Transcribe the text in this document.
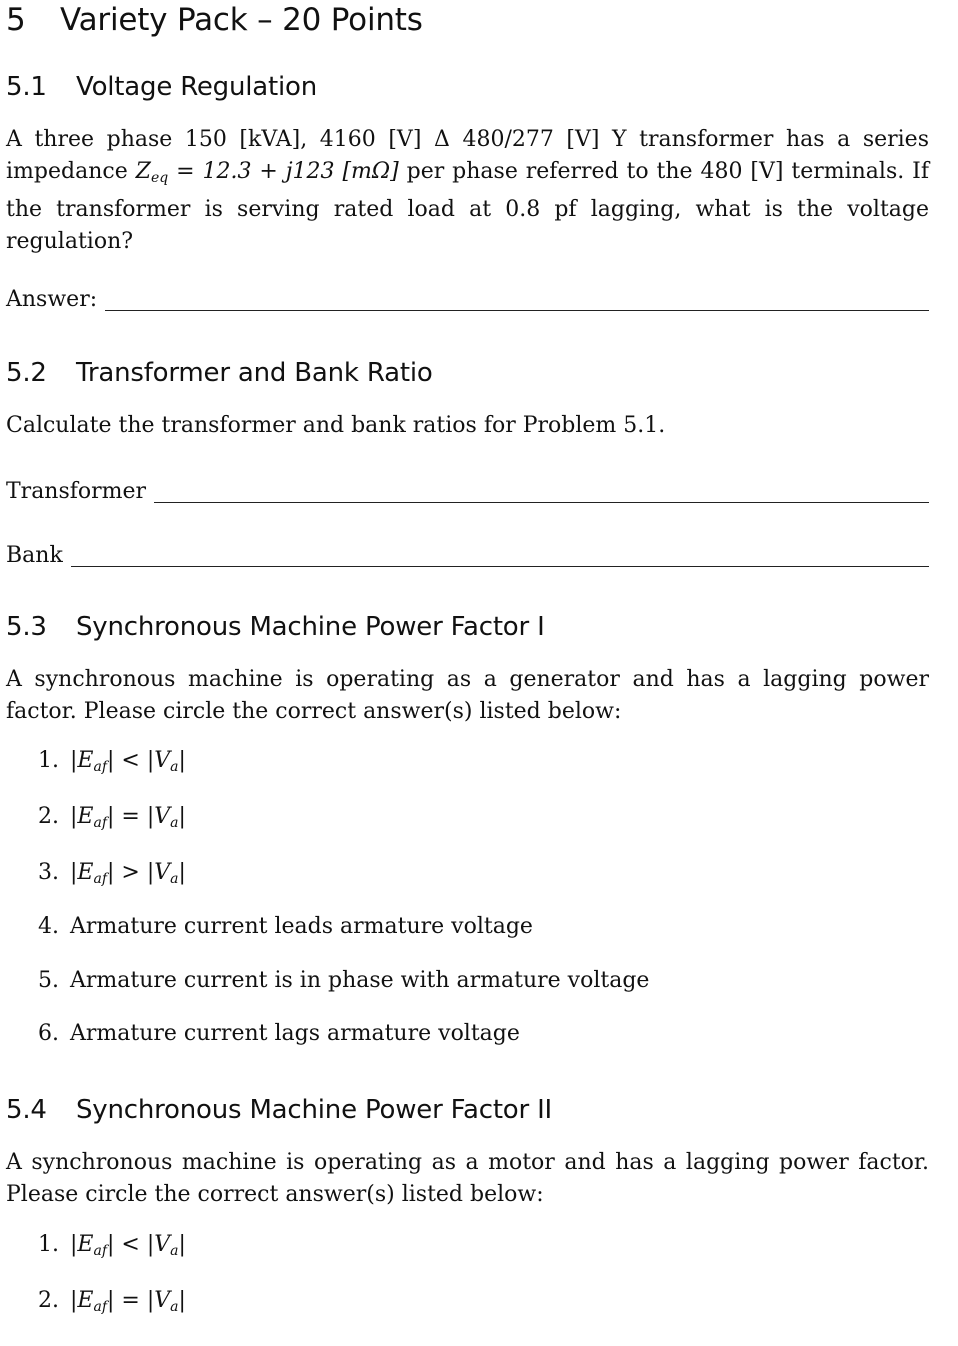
5 Variety Pack – 20 Points
5.1 Voltage Regulation
A three phase 150 [kVA], 4160 [V] Δ 480/277 [V] Y transformer has a series impedance $Z_{eq} = 12.3 + j123$ [mΩ] per phase referred to the 480 [V] terminals. If the transformer is serving rated load at 0.8 pf lagging, what is the voltage regulation?
Answer:
5.2 Transformer and Bank Ratio
Calculate the transformer and bank ratios for Problem 5.1.
Transformer
Bank
5.3 Synchronous Machine Power Factor I
A synchronous machine is operating as a generator and has a lagging power factor. Please circle the correct answer(s) listed below:
1. $|E_{af}| < |V_a|$
2. $|E_{af}| = |V_a|$
3. $|E_{af}| > |V_a|$
4. Armature current leads armature voltage
5. Armature current is in phase with armature voltage
6. Armature current lags armature voltage
5.4 Synchronous Machine Power Factor II
A synchronous machine is operating as a motor and has a lagging power factor. Please circle the correct answer(s) listed below:
1. $|E_{af}| < |V_a|$
2. $|E_{af}| = |V_a|$
